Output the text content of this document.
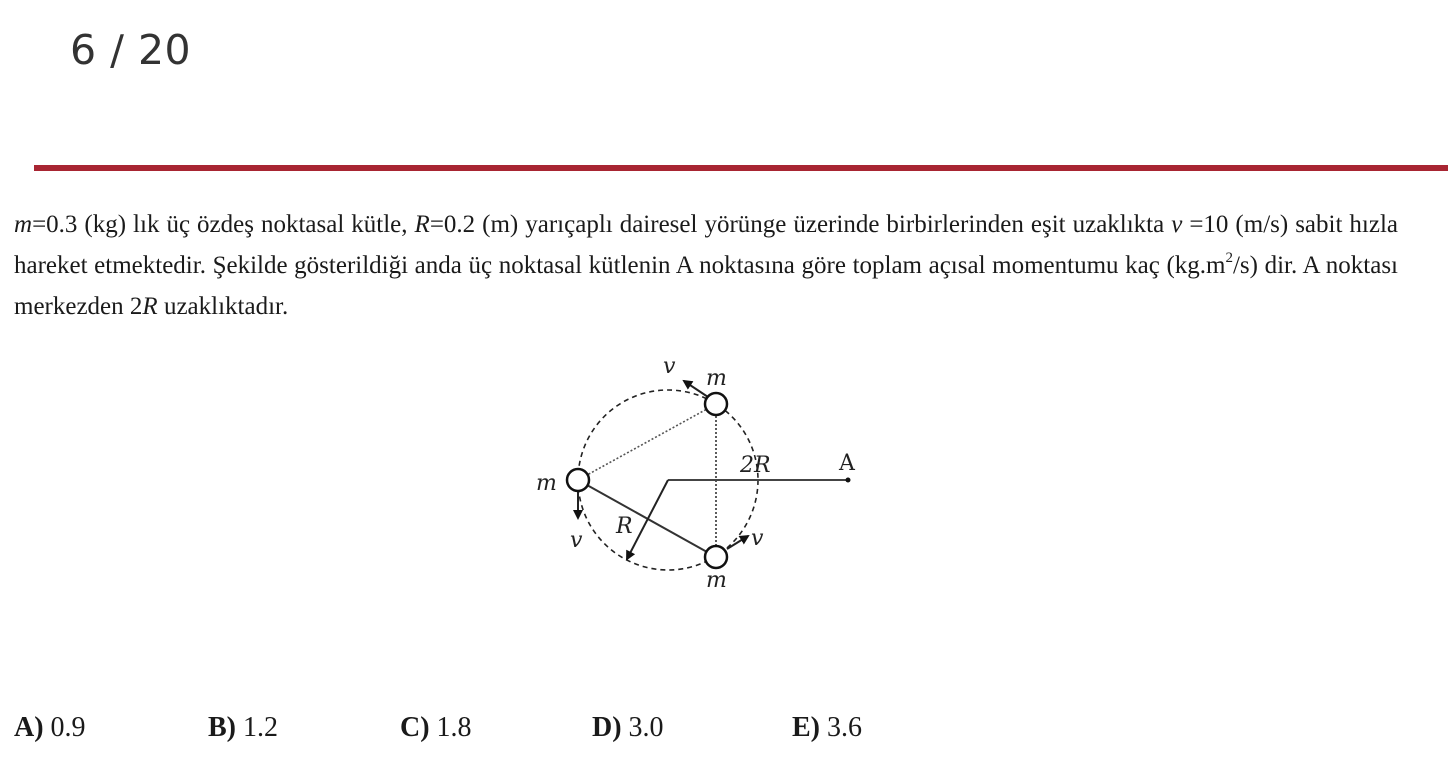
6 / 20
m=0.3 (kg) lık üç özdeş noktasal kütle, R=0.2 (m) yarıçaplı dairesel yörünge üzerinde birbirlerinden eşit uzaklıkta v =10 (m/s) sabit hızla hareket etmektedir. Şekilde gösterildiği anda üç noktasal kütlenin A noktasına göre toplam açısal momentumu kaç $(kg.m^2/s)$ dir. A noktası merkezden 2R uzaklıktadır.
v m
m
v
R
2R	A
v
m
A) 0.9	B) 1.2	C) 1.8	D) 3.0	E) 3.6
